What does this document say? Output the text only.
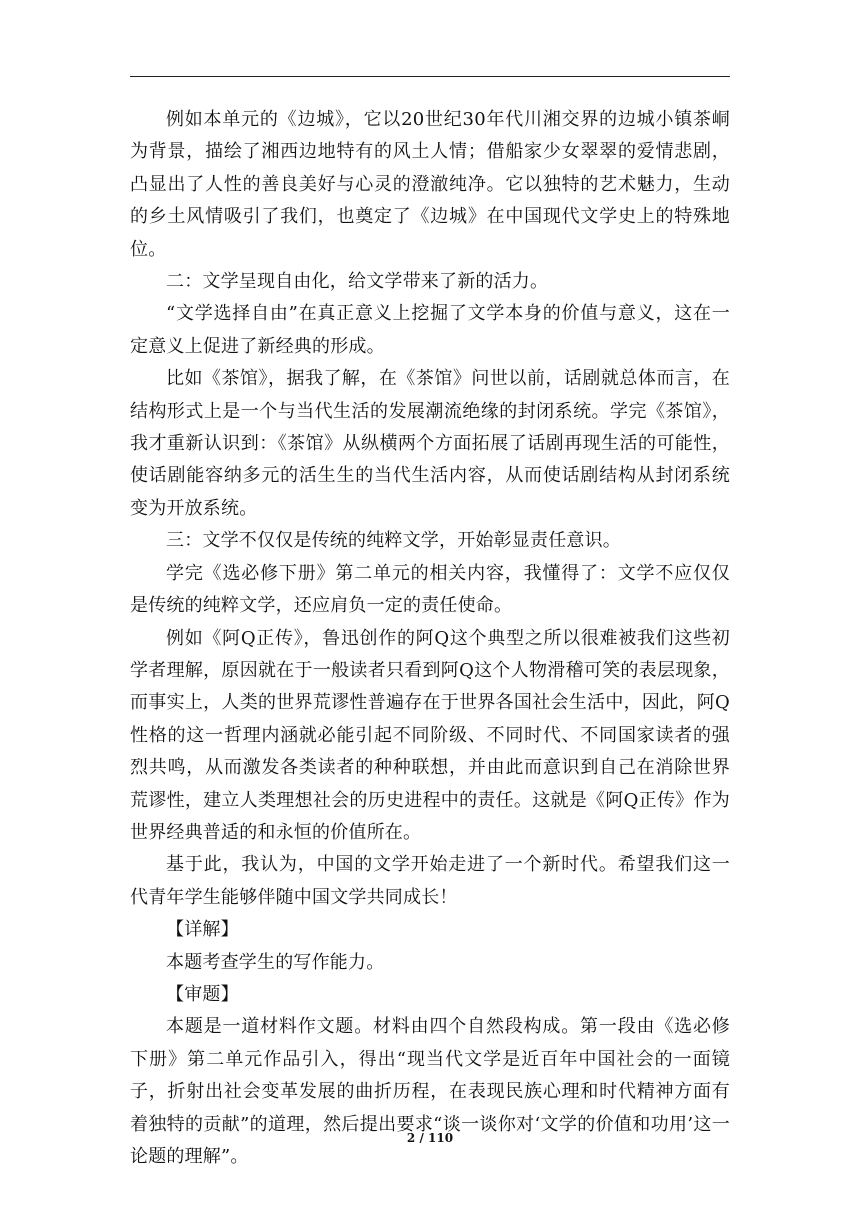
例如本单元的《边城》，它以20世纪30年代川湘交界的边城小镇茶峒为背景，描绘了湘西边地特有的风土人情；借船家少女翠翠的爱情悲剧，凸显出了人性的善良美好与心灵的澄澈纯净。它以独特的艺术魅力，生动的乡土风情吸引了我们，也奠定了《边城》在中国现代文学史上的特殊地位。

二：文学呈现自由化，给文学带来了新的活力。

“文学选择自由”在真正意义上挖掘了文学本身的价值与意义，这在一定意义上促进了新经典的形成。

比如《茶馆》，据我了解，在《茶馆》问世以前，话剧就总体而言，在结构形式上是一个与当代生活的发展潮流绝缘的封闭系统。学完《茶馆》，我才重新认识到：《茶馆》从纵横两个方面拓展了话剧再现生活的可能性，使话剧能容纳多元的活生生的当代生活内容，从而使话剧结构从封闭系统变为开放系统。

三：文学不仅仅是传统的纯粹文学，开始彰显责任意识。

学完《选必修下册》第二单元的相关内容，我懂得了：文学不应仅仅是传统的纯粹文学，还应肩负一定的责任使命。

例如《阿Q正传》，鲁迅创作的阿Q这个典型之所以很难被我们这些初学者理解，原因就在于一般读者只看到阿Q这个人物滑稽可笑的表层现象，而事实上，人类的世界荒谬性普遍存在于世界各国社会生活中，因此，阿Q性格的这一哲理内涵就必能引起不同阶级、不同时代、不同国家读者的强烈共鸣，从而激发各类读者的种种联想，并由此而意识到自己在消除世界荒谬性，建立人类理想社会的历史进程中的责任。这就是《阿Q正传》作为世界经典普适的和永恒的价值所在。

基于此，我认为，中国的文学开始走进了一个新时代。希望我们这一代青年学生能够伴随中国文学共同成长！

【详解】

本题考查学生的写作能力。

【审题】

本题是一道材料作文题。材料由四个自然段构成。第一段由《选必修下册》第二单元作品引入，得出“现当代文学是近百年中国社会的一面镜子，折射出社会变革发展的曲折历程，在表现民族心理和时代精神方面有着独特的贡献”的道理，然后提出要求“谈一谈你对‘文学的价值和功用’这一论题的理解”。

2 / 110
